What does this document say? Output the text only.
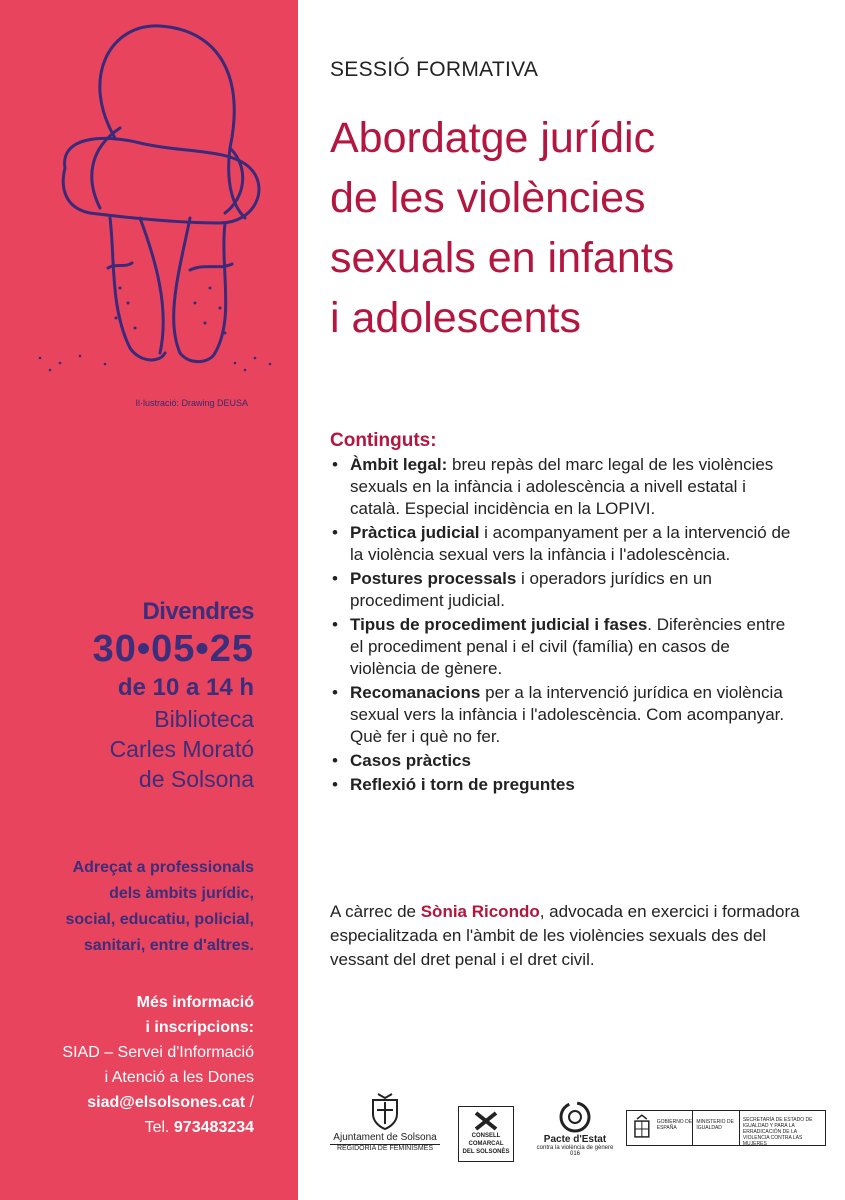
Il·lustració: Drawing DEUSA
Divendres
30•05•25
de 10 a 14 h
Biblioteca
Carles Morató
de Solsona
Adreçat a professionals
dels àmbits jurídic,
social, educatiu, policial,
sanitari, entre d'altres.
Més informació
i inscripcions:
SIAD – Servei d'Informació
i Atenció a les Dones
siad@elsolsones.cat /
Tel. 973483234
SESSIÓ FORMATIVA
Abordatge jurídic
de les violències
sexuals en infants
i adolescents
Continguts:
• Àmbit legal: breu repàs del marc legal de les violències sexuals en la infància i adolescència a nivell estatal i català. Especial incidència en la LOPIVI.
• Pràctica judicial i acompanyament per a la intervenció de la violència sexual vers la infància i l'adolescència.
• Postures processals i operadors jurídics en un procediment judicial.
• Tipus de procediment judicial i fases. Diferències entre el procediment penal i el civil (família) en casos de violència de gènere.
• Recomanacions per a la intervenció jurídica en violència sexual vers la infància i l'adolescència. Com acompanyar. Què fer i què no fer.
• Casos pràctics
• Reflexió i torn de preguntes
A càrrec de Sònia Ricondo, advocada en exercici i formadora especialitzada en l'àmbit de les violències sexuals des del vessant del dret penal i el dret civil.
Ajuntament de Solsona
REGIDORIA DE FEMINISMES
CONSELL
COMARCAL
DEL SOLSONÈS
Pacte d'Estat
contra la violència de gènere
016
GOBIERNO DE ESPAÑA
MINISTERIO DE IGUALDAD
SECRETARÍA DE ESTADO DE IGUALDAD Y PARA LA ERRADICACIÓN DE LA VIOLENCIA CONTRA LAS MUJERES
